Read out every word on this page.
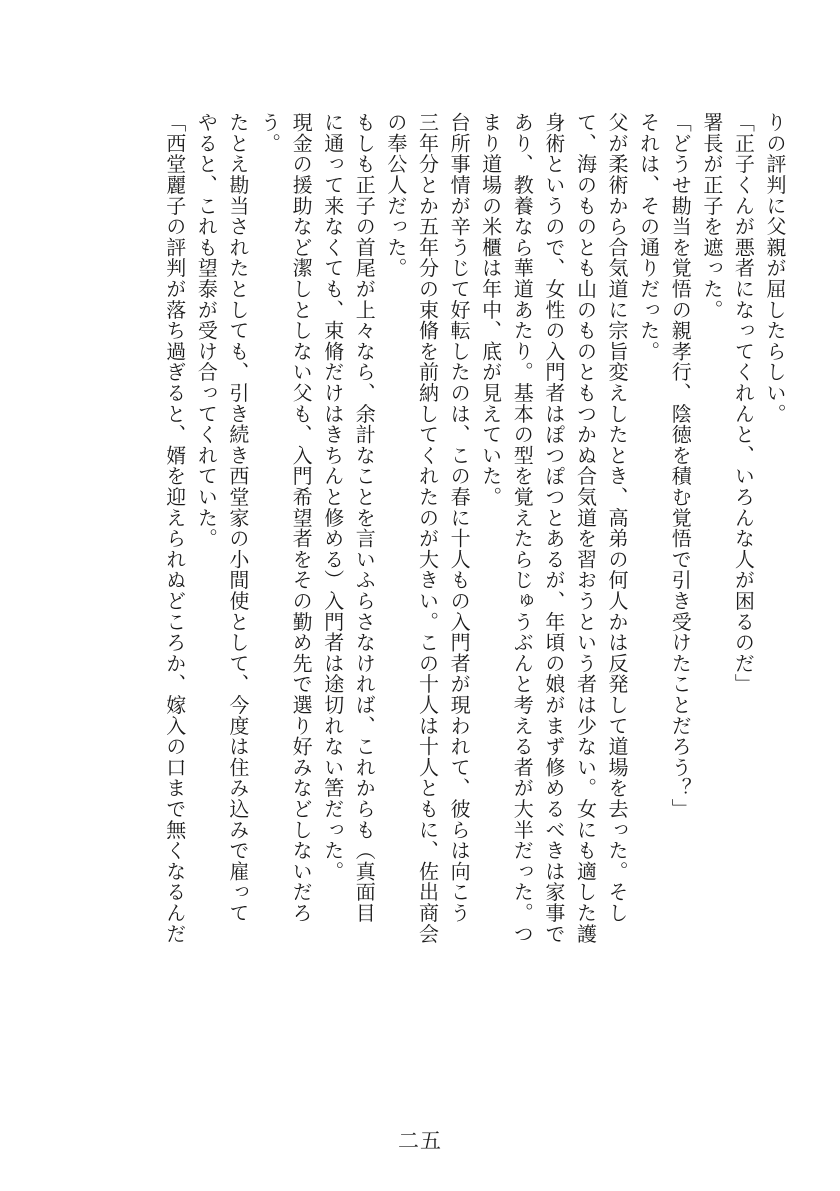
りの評判に父親が屈したらしい。
「正子くんが悪者になってくれんと、いろんな人が困るのだ」
署長が正子を遮った。
「どうせ勘当を覚悟の親孝行、陰徳を積む覚悟で引き受けたことだろう？」
それは、その通りだった。
父が柔術から合気道に宗旨変えしたとき、高弟の何人かは反発して道場を去った。そし
て、海のものとも山のものともつかぬ合気道を習おうという者は少ない。女にも適した護
身術というので、女性の入門者はぽつぽつとあるが、年頃の娘がまず修めるべきは家事で
あり、教養なら華道あたり。基本の型を覚えたらじゅうぶんと考える者が大半だった。つ
まり道場の米櫃は年中、底が見えていた。
台所事情が辛うじて好転したのは、この春に十人もの入門者が現われて、彼らは向こう
三年分とか五年分の束脩を前納してくれたのが大きい。この十人は十人ともに、佐出商会
の奉公人だった。
もしも正子の首尾が上々なら、余計なことを言いふらさなければ、これからも（真面目
に通って来なくても、束脩だけはきちんと修める）入門者は途切れない筈だった。
現金の援助など潔しとしない父も、入門希望者をその勤め先で選り好みなどしないだろ
う。
たとえ勘当されたとしても、引き続き西堂家の小間使として、今度は住み込みで雇って
やると、これも望泰が受け合ってくれていた。
「西堂麗子の評判が落ち過ぎると、婿を迎えられぬどころか、嫁入の口まで無くなるんだ
二五
